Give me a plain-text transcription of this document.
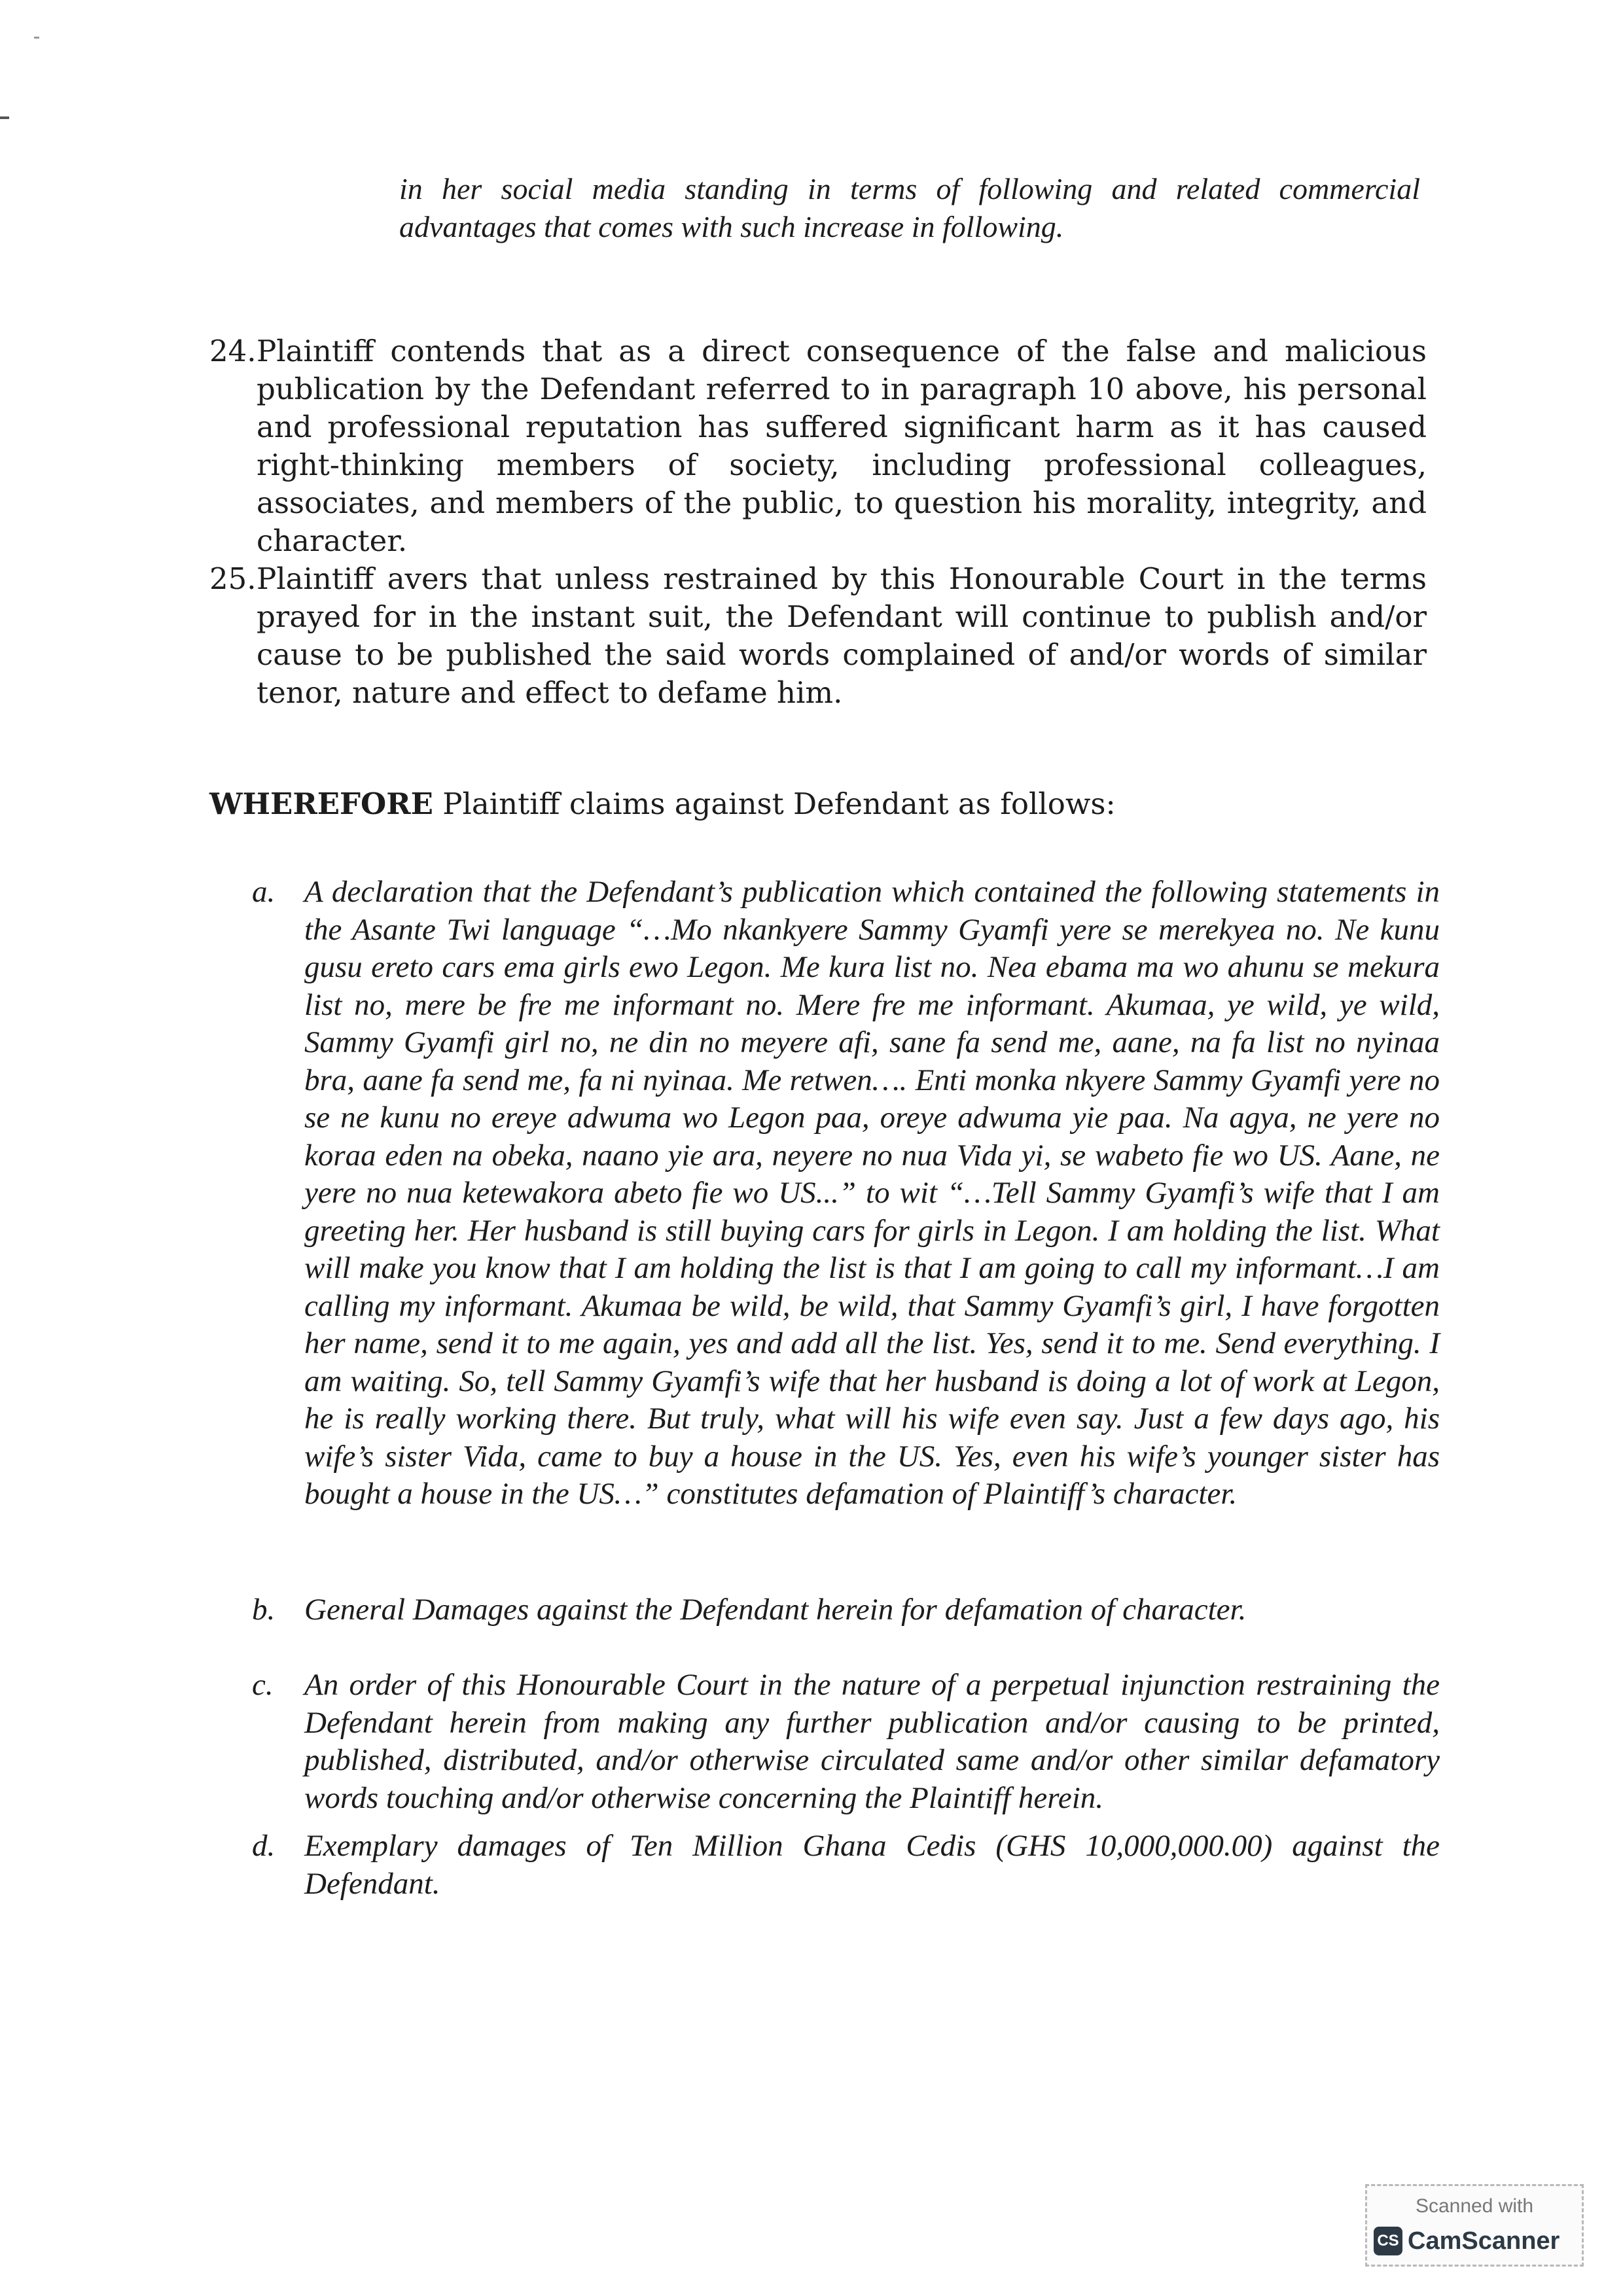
in her social media standing in terms of following and related commercial advantages that comes with such increase in following.
24. Plaintiff contends that as a direct consequence of the false and malicious publication by the Defendant referred to in paragraph 10 above, his personal and professional reputation has suffered significant harm as it has caused right-thinking members of society, including professional colleagues, associates, and members of the public, to question his morality, integrity, and character.
25. Plaintiff avers that unless restrained by this Honourable Court in the terms prayed for in the instant suit, the Defendant will continue to publish and/or cause to be published the said words complained of and/or words of similar tenor, nature and effect to defame him.
WHEREFORE Plaintiff claims against Defendant as follows:
a. A declaration that the Defendant’s publication which contained the following statements in the Asante Twi language “…Mo nkankyere Sammy Gyamfi yere se merekyea no. Ne kunu gusu ereto cars ema girls ewo Legon. Me kura list no. Nea ebama ma wo ahunu se mekura list no, mere be fre me informant no. Mere fre me informant. Akumaa, ye wild, ye wild, Sammy Gyamfi girl no, ne din no meyere afi, sane fa send me, aane, na fa list no nyinaa bra, aane fa send me, fa ni nyinaa. Me retwen…. Enti monka nkyere Sammy Gyamfi yere no se ne kunu no ereye adwuma wo Legon paa, oreye adwuma yie paa. Na agya, ne yere no koraa eden na obeka, naano yie ara, neyere no nua Vida yi, se wabeto fie wo US. Aane, ne yere no nua ketewakora abeto fie wo US...” to wit “…Tell Sammy Gyamfi’s wife that I am greeting her. Her husband is still buying cars for girls in Legon. I am holding the list. What will make you know that I am holding the list is that I am going to call my informant…I am calling my informant. Akumaa be wild, be wild, that Sammy Gyamfi’s girl, I have forgotten her name, send it to me again, yes and add all the list. Yes, send it to me. Send everything. I am waiting. So, tell Sammy Gyamfi’s wife that her husband is doing a lot of work at Legon, he is really working there. But truly, what will his wife even say. Just a few days ago, his wife’s sister Vida, came to buy a house in the US. Yes, even his wife’s younger sister has bought a house in the US…” constitutes defamation of Plaintiff’s character.
b. General Damages against the Defendant herein for defamation of character.
c.	An order of this Honourable Court in the nature of a perpetual injunction restraining the Defendant herein from making any further publication and/or causing to be printed, published, distributed, and/or otherwise circulated same and/or other similar defamatory words touching and/or otherwise concerning the Plaintiff herein.
d. Exemplary damages of Ten Million Ghana Cedis (GHS 10,000,000.00) against the Defendant.
Scanned with
CS CamScanner
